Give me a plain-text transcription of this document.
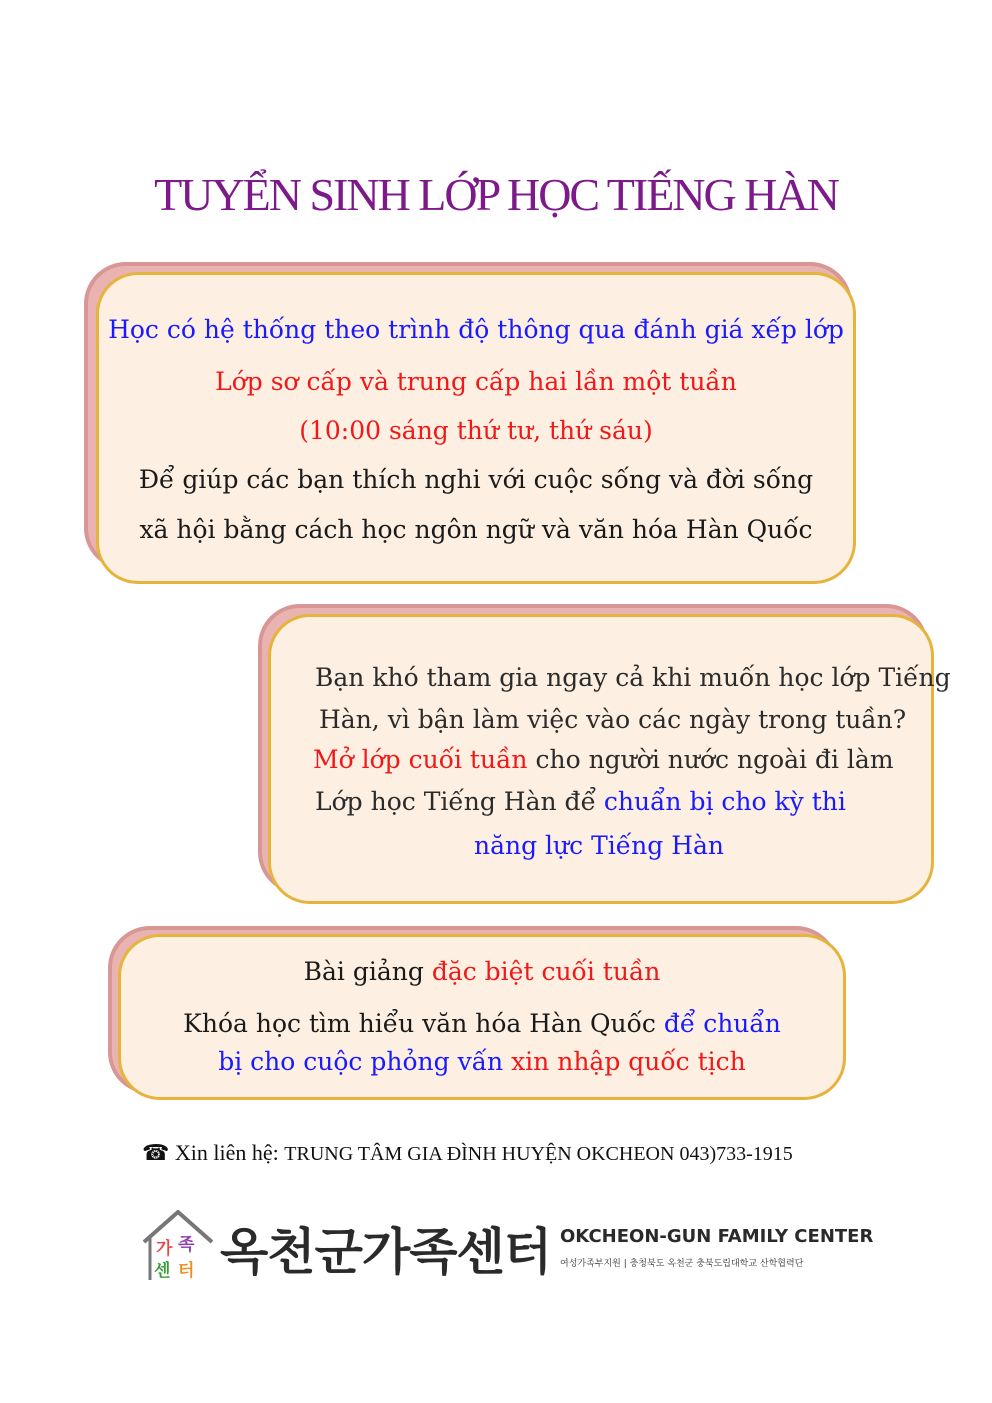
TUYỂN SINH LỚP HỌC TIẾNG HÀN
Học có hệ thống theo trình độ thông qua đánh giá xếp lớp
Lớp sơ cấp và trung cấp hai lần một tuần
(10:00 sáng thứ tư, thứ sáu)
Để giúp các bạn thích nghi với cuộc sống và đời sống
xã hội bằng cách học ngôn ngữ và văn hóa Hàn Quốc
Bạn khó tham gia ngay cả khi muốn học lớp Tiếng
Hàn, vì bận làm việc vào các ngày trong tuần?
Mở lớp cuối tuần cho người nước ngoài đi làm
Lớp học Tiếng Hàn để chuẩn bị cho kỳ thi
năng lực Tiếng Hàn
Bài giảng đặc biệt cuối tuần
Khóa học tìm hiểu văn hóa Hàn Quốc để chuẩn
bị cho cuộc phỏng vấn xin nhập quốc tịch
☎ Xin liên hệ: TRUNG TÂM GIA ĐÌNH HUYỆN OKCHEON 043)733-1915
가 족
센 터 옥천군가족센터 OKCHEON-GUN FAMILY CENTER
여성가족부지원 | 충청북도 옥천군 충북도립대학교 산학협력단
